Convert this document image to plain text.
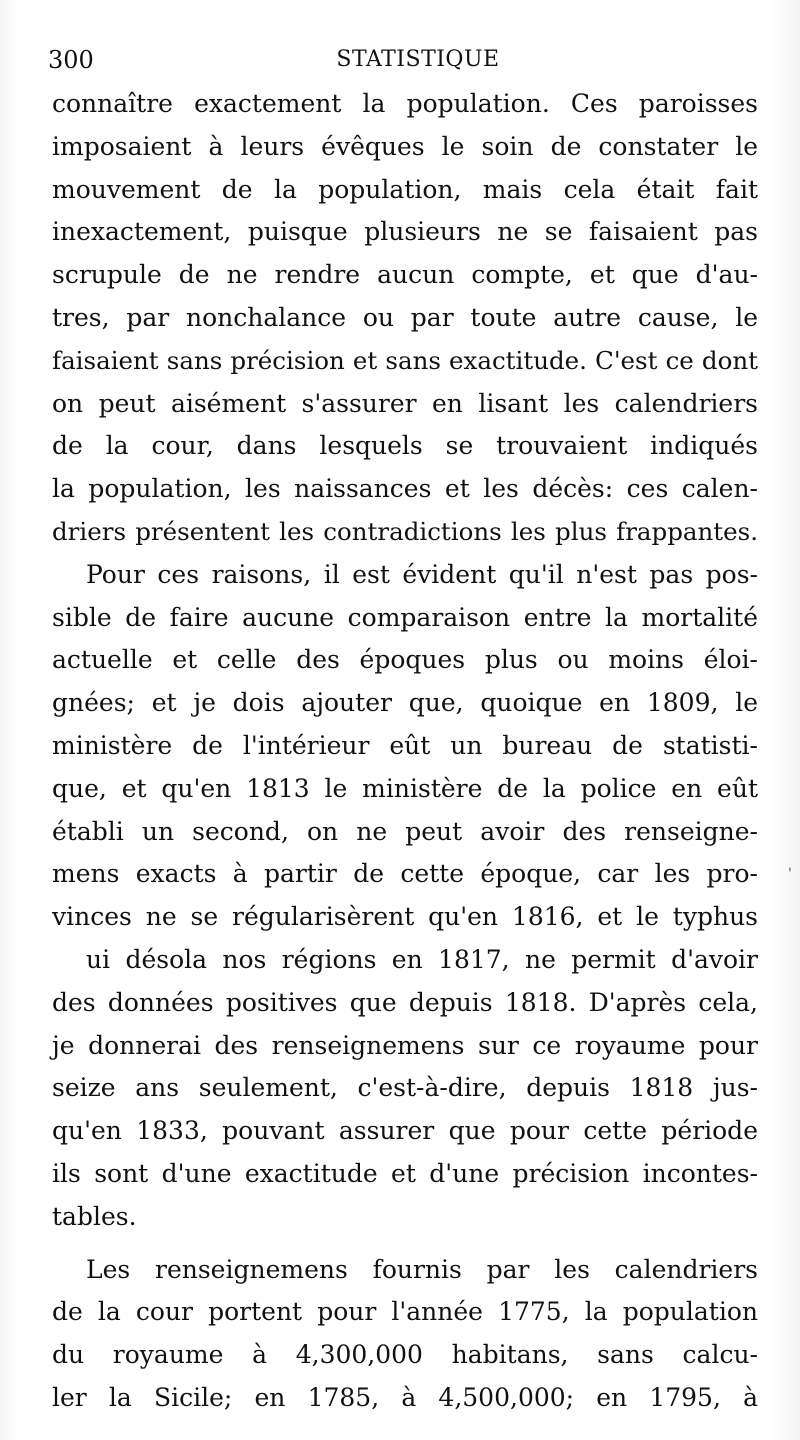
300	STATISTIQUE
connaître exactement la population. Ces paroisses
imposaient à leurs évêques le soin de constater le
mouvement de la population, mais cela était fait
inexactement, puisque plusieurs ne se faisaient pas
scrupule de ne rendre aucun compte, et que d'au-
tres, par nonchalance ou par toute autre cause, le
faisaient sans précision et sans exactitude. C'est ce dont
on peut aisément s'assurer en lisant les calendriers
de la cour, dans lesquels se trouvaient indiqués
la population, les naissances et les décès: ces calen-
driers présentent les contradictions les plus frappantes.
Pour ces raisons, il est évident qu'il n'est pas pos-
sible de faire aucune comparaison entre la mortalité
actuelle et celle des époques plus ou moins éloi-
gnées; et je dois ajouter que, quoique en 1809, le
ministère de l'intérieur eût un bureau de statisti-
que, et qu'en 1813 le ministère de la police en eût
établi un second, on ne peut avoir des renseigne-
mens exacts à partir de cette époque, car les pro-
vinces ne se régularisèrent qu'en 1816, et le typhus
ui désola nos régions en 1817, ne permit d'avoir
des données positives que depuis 1818. D'après cela,
je donnerai des renseignemens sur ce royaume pour
seize ans seulement, c'est-à-dire, depuis 1818 jus-
qu'en 1833, pouvant assurer que pour cette période
ils sont d'une exactitude et d'une précision incontes-
tables.
Les renseignemens fournis par les calendriers
de la cour portent pour l'année 1775, la population
du royaume à 4,300,000 habitans, sans calcu-
ler la Sicile; en 1785, à 4,500,000; en 1795, à
'
